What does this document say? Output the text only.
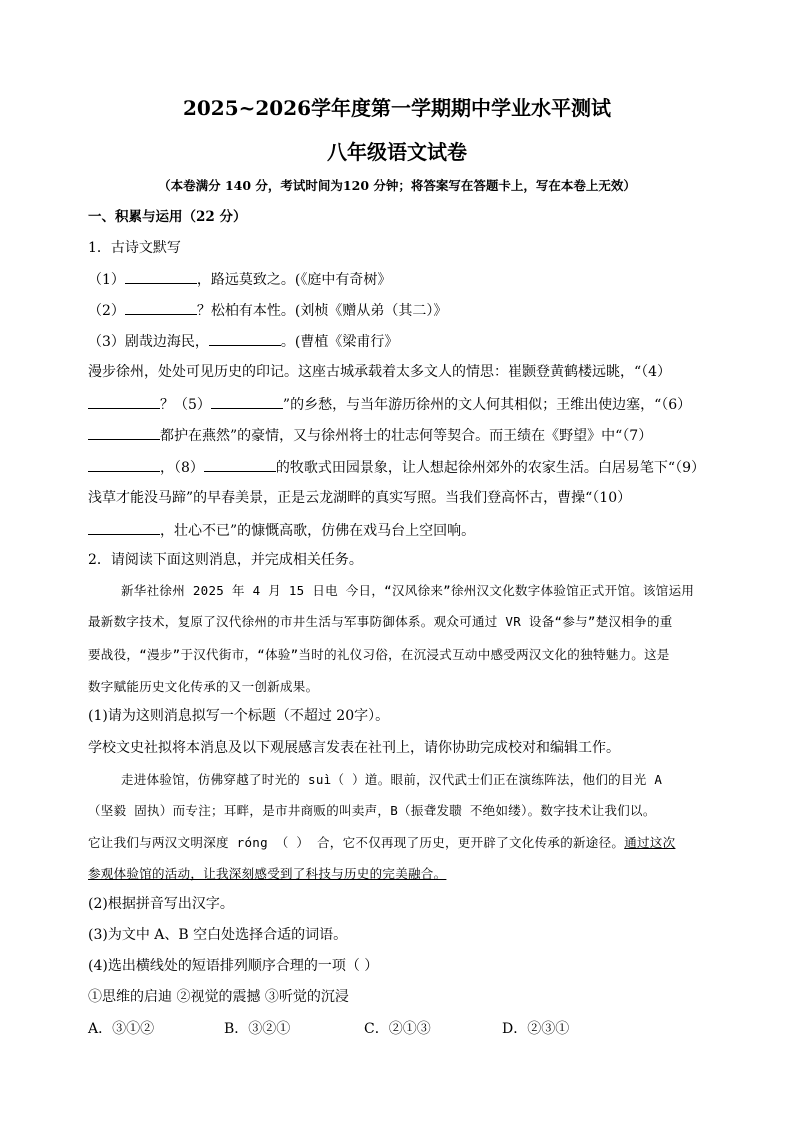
2025~2026学年度第一学期期中学业水平测试
八年级语文试卷
（本卷满分 140 分，考试时间为120 分钟；将答案写在答题卡上，写在本卷上无效）
一、积累与运用（22 分）
1．古诗文默写
（1）	，路远莫致之。(《庭中有奇树》
（2）	？松柏有本性。(刘桢《赠从弟（其二）》
（3）剧哉边海民，	。(曹植《梁甫行》
漫步徐州，处处可见历史的印记。这座古城承载着太多文人的情思：崔颢登黄鹤楼远眺，“（4）
？（5）	”的乡愁，与当年游历徐州的文人何其相似；王维出使边塞，“（6）
都护在燕然”的豪情，又与徐州将士的壮志何等契合。而王绩在《野望》中“（7）
，（8）	的牧歌式田园景象，让人想起徐州郊外的农家生活。白居易笔下“（9）
浅草才能没马蹄”的早春美景，正是云龙湖畔的真实写照。当我们登高怀古，曹操“（10）
，壮心不已”的慷慨高歌，仿佛在戏马台上空回响。
2．请阅读下面这则消息，并完成相关任务。
新华社徐州 2025 年 4 月 15 日电 今日，“汉风徐来”徐州汉文化数字体验馆正式开馆。该馆运用
最新数字技术，复原了汉代徐州的市井生活与军事防御体系。观众可通过 VR 设备“参与”楚汉相争的重
要战役，“漫步”于汉代街市，“体验”当时的礼仪习俗，在沉浸式互动中感受两汉文化的独特魅力。这是
数字赋能历史文化传承的又一创新成果。
(1)请为这则消息拟写一个标题（不超过 20字）。
学校文史社拟将本消息及以下观展感言发表在社刊上，请你协助完成校对和编辑工作。
走进体验馆，仿佛穿越了时光的 suì（ ）道。眼前，汉代武士们正在演练阵法，他们的目光 A
（坚毅 固执）而专注；耳畔，是市井商贩的叫卖声，B（振聋发聩 不绝如缕）。数字技术让我们以。
它让我们与两汉文明深度 róng （ ） 合，它不仅再现了历史，更开辟了文化传承的新途径。通过这次
参观体验馆的活动，让我深刻感受到了科技与历史的完美融合。
(2)根据拼音写出汉字。
(3)为文中 A、B 空白处选择合适的词语。
(4)选出横线处的短语排列顺序合理的一项（ ）
①思维的启迪 ②视觉的震撼 ③听觉的沉浸
A．③①②	B．③②①	C．②①③	D．②③①
